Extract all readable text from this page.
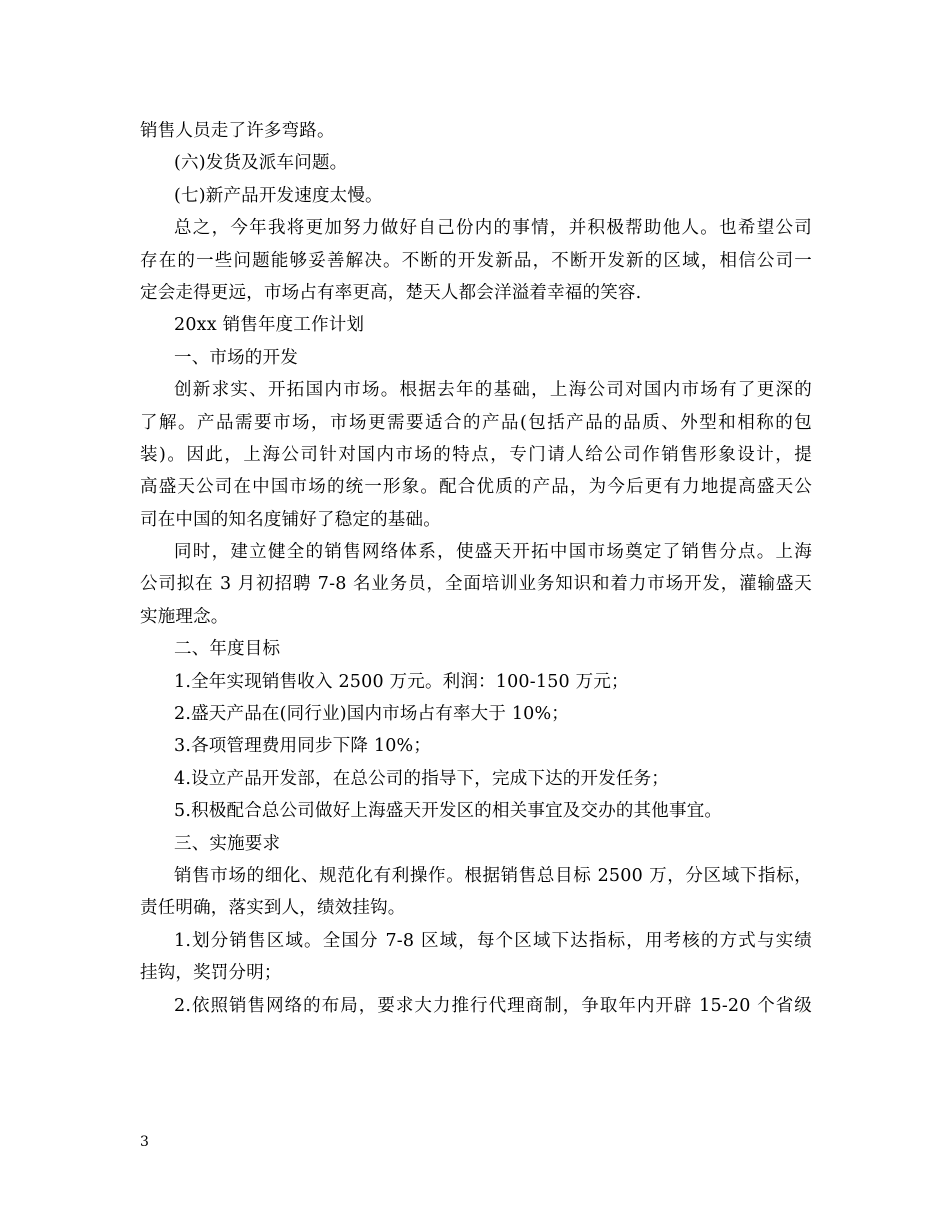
销售人员走了许多弯路。
(六)发货及派车问题。
(七)新产品开发速度太慢。
总之，今年我将更加努力做好自己份内的事情，并积极帮助他人。也希望公司
存在的一些问题能够妥善解决。不断的开发新品，不断开发新的区域，相信公司一
定会走得更远，市场占有率更高，楚天人都会洋溢着幸福的笑容.
20xx 销售年度工作计划
一、市场的开发
创新求实、开拓国内市场。根据去年的基础，上海公司对国内市场有了更深的
了解。产品需要市场，市场更需要适合的产品(包括产品的品质、外型和相称的包
装)。因此，上海公司针对国内市场的特点，专门请人给公司作销售形象设计，提
高盛天公司在中国市场的统一形象。配合优质的产品，为今后更有力地提高盛天公
司在中国的知名度铺好了稳定的基础。
同时，建立健全的销售网络体系，使盛天开拓中国市场奠定了销售分点。上海
公司拟在 3 月初招聘 7-8 名业务员，全面培训业务知识和着力市场开发，灌输盛天
实施理念。
二、年度目标
1.全年实现销售收入 2500 万元。利润：100-150 万元；
2.盛天产品在(同行业)国内市场占有率大于 10%；
3.各项管理费用同步下降 10%；
4.设立产品开发部，在总公司的指导下，完成下达的开发任务；
5.积极配合总公司做好上海盛天开发区的相关事宜及交办的其他事宜。
三、实施要求
销售市场的细化、规范化有利操作。根据销售总目标 2500 万，分区域下指标，
责任明确，落实到人，绩效挂钩。
1.划分销售区域。全国分 7-8 区域，每个区域下达指标，用考核的方式与实绩
挂钩，奖罚分明；
2.依照销售网络的布局，要求大力推行代理商制，争取年内开辟 15-20 个省级
3
